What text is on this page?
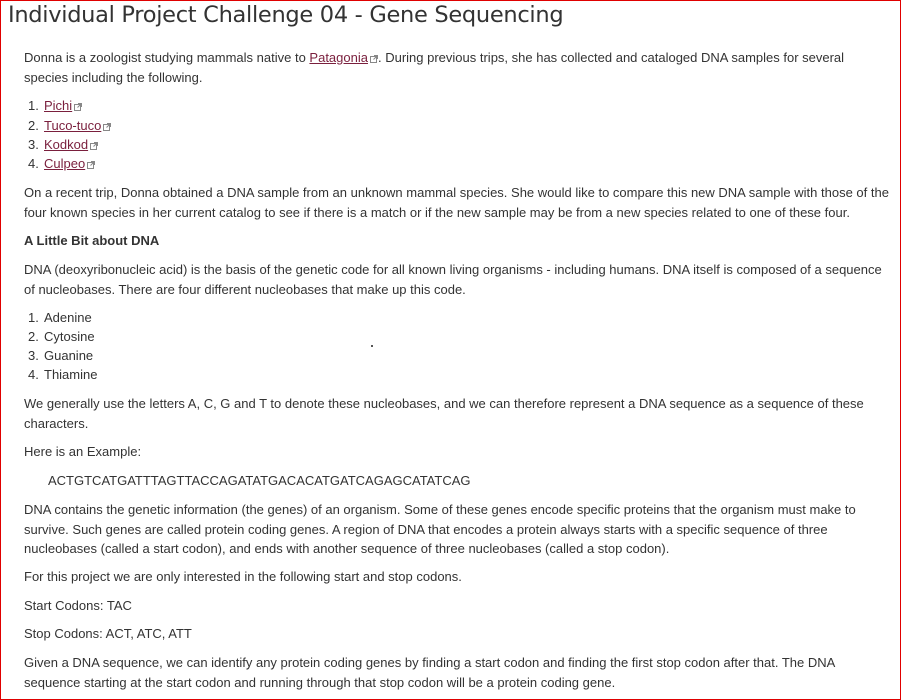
Individual Project Challenge 04 - Gene Sequencing

Donna is a zoologist studying mammals native to Patagonia . During previous trips, she has collected and cataloged DNA samples for several species including the following.

1. Pichi
2. Tuco-tuco
3. Kodkod
4. Culpeo

On a recent trip, Donna obtained a DNA sample from an unknown mammal species. She would like to compare this new DNA sample with those of the four known species in her current catalog to see if there is a match or if the new sample may be from a new species related to one of these four.

A Little Bit about DNA

DNA (deoxyribonucleic acid) is the basis of the genetic code for all known living organisms - including humans. DNA itself is composed of a sequence of nucleobases. There are four different nucleobases that make up this code.

1. Adenine
2. Cytosine
3. Guanine
4. Thiamine

We generally use the letters A, C, G and T to denote these nucleobases, and we can therefore represent a DNA sequence as a sequence of these characters.

Here is an Example:

ACTGTCATGATTTAGTTACCAGATATGACACATGATCAGAGCATATCAG

DNA contains the genetic information (the genes) of an organism. Some of these genes encode specific proteins that the organism must make to survive. Such genes are called protein coding genes. A region of DNA that encodes a protein always starts with a specific sequence of three nucleobases (called a start codon), and ends with another sequence of three nucleobases (called a stop codon).

For this project we are only interested in the following start and stop codons.

Start Codons: TAC

Stop Codons: ACT, ATC, ATT

Given a DNA sequence, we can identify any protein coding genes by finding a start codon and finding the first stop codon after that. The DNA sequence starting at the start codon and running through that stop codon will be a protein coding gene.
